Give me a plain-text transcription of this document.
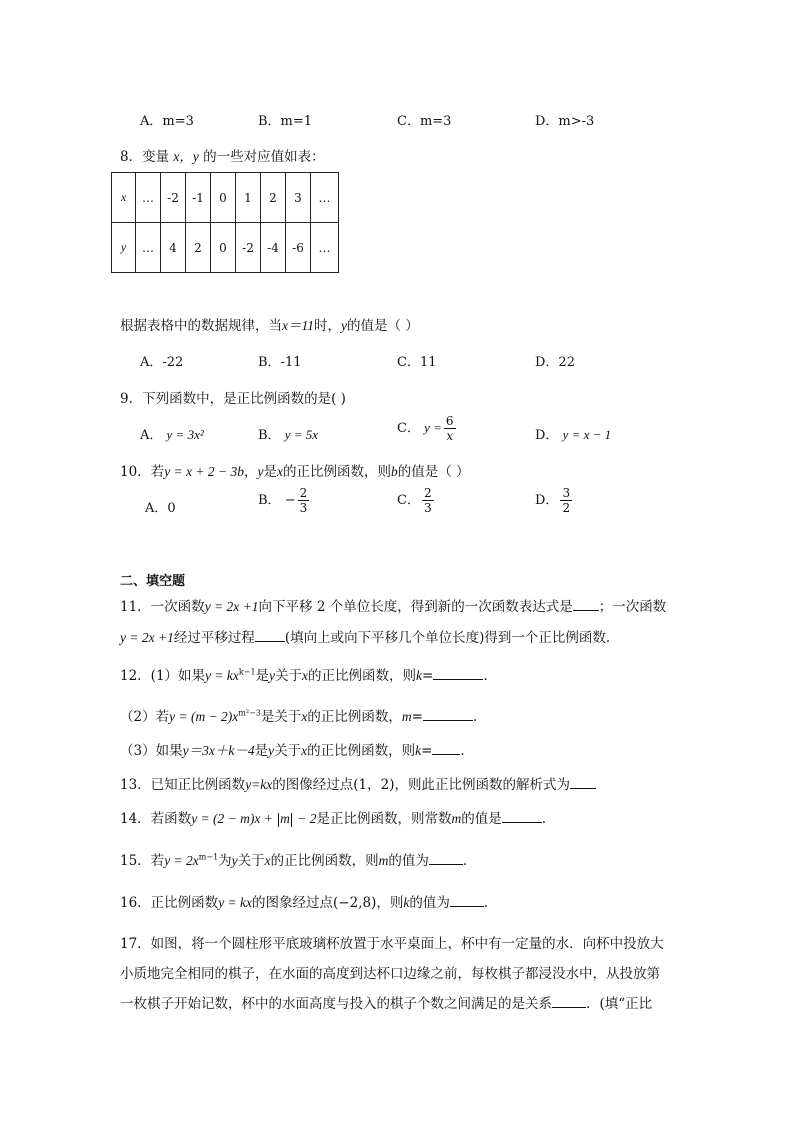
A．m=3	B．m=1	C．m=3	D．m>-3
8．变量 x，y 的一些对应值如表：
x	…	-2	-1	0	1	2	3	…
y	…	4	2	0	-2	-4	-6	…
根据表格中的数据规律，当x＝11时，y的值是（ ）
A．-22	B．-11	C．11	D．22
9．下列函数中，是正比例函数的是( )
A． y = 3x²	B． y = 5x	C． $y = \frac{6}{x}$	D． y = x − 1
10．若y = x + 2 − 3b，y是x的正比例函数，则b的值是（ ）
A．0
B． − $\frac{2}{3}$	C． $\frac{2}{3}$	D． $\frac{3}{2}$
二、填空题
11．一次函数y = 2x +1向下平移 2 个单位长度，得到新的一次函数表达式是 ；一次函数
y = 2x +1经过平移过程 (填向上或向下平移几个单位长度)得到一个正比例函数.
12．(1）如果$y = kx^{k-1}$是y关于x的正比例函数，则k=	.
（2）若$y = (m - 2)x^{m^2-3}$是关于x的正比例函数，m=	.
（3）如果y＝3x＋k－4是y关于x的正比例函数，则k= .
13．已知正比例函数y=kx的图像经过点(1，2)，则此正比例函数的解析式为
14．若函数y = (2 − m)x + m − 2是正比例函数，则常数m的值是	.
15．若$y = 2x^{m-1}$为y关于x的正比例函数，则m的值为	.
16．正比例函数y = kx的图象经过点(−2,8)，则k的值为	.
17．如图，将一个圆柱形平底玻璃杯放置于水平桌面上，杯中有一定量的水．向杯中投放大
小质地完全相同的棋子，在水面的高度到达杯口边缘之前，每枚棋子都浸没水中，从投放第
一枚棋子开始记数，杯中的水面高度与投入的棋子个数之间满足的是关系	．(填“正比
